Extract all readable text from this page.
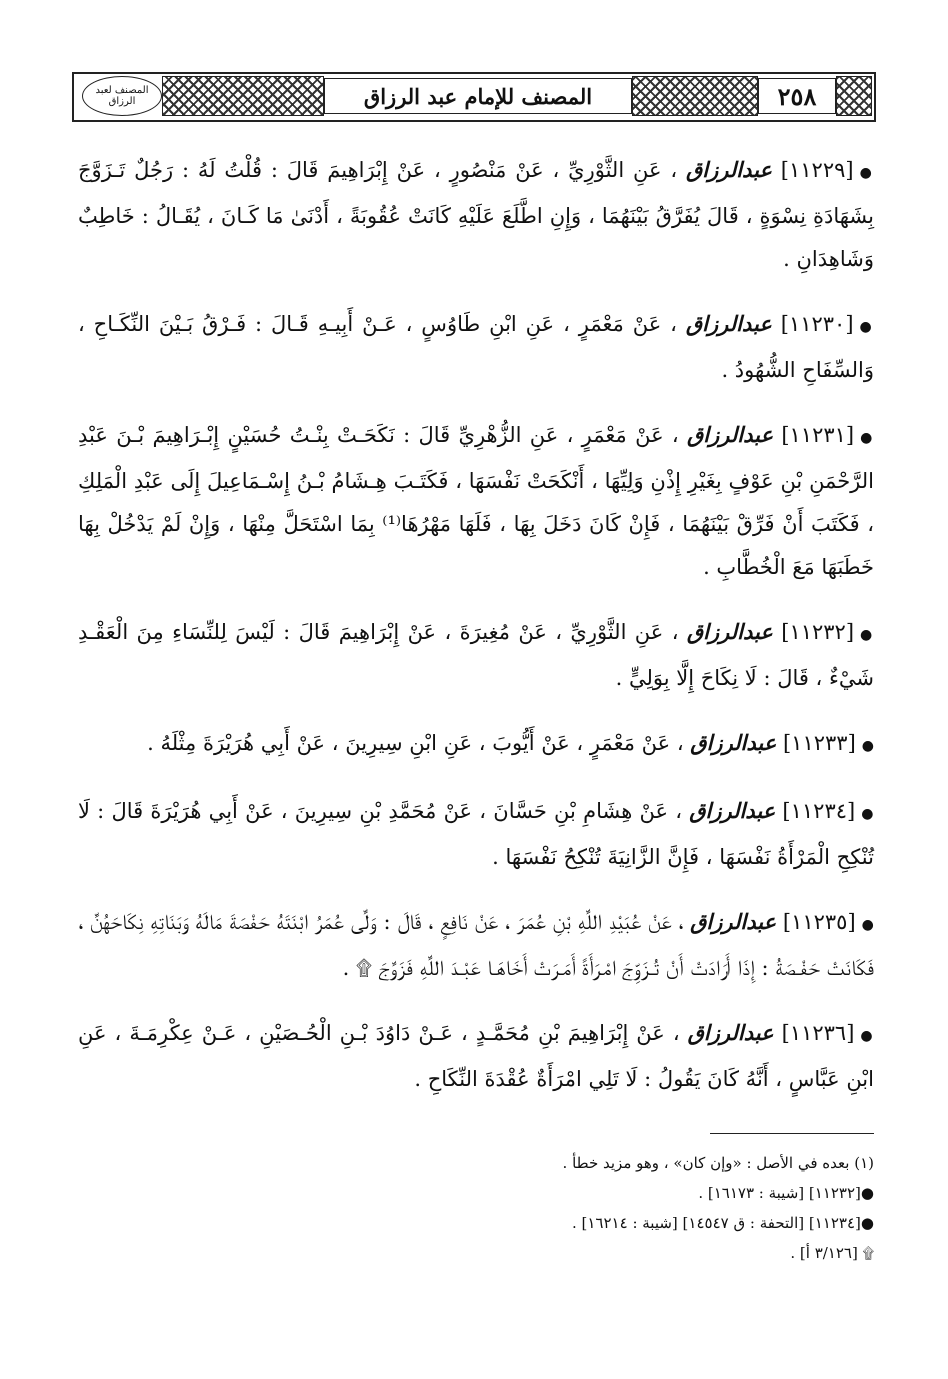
المصنف لعبد الرزاق	المصنف للإمام عبد الرزاق	٢٥٨

●[١١٢٢٩] عبدالرزاق ، عَنِ الثَّوْرِيِّ ، عَنْ مَنْصُورٍ ، عَنْ إِبْرَاهِيمَ قَالَ : قُلْتُ لَهُ : رَجُلٌ تَـزَوَّجَ بِشَهَادَةِ نِسْوَةٍ ، قَالَ يُفَرَّقُ بَيْنَهُمَا ، وَإِنِ اطَّلَعَ عَلَيْهِ كَانَتْ عُقُوبَةً ، أَدْنَىٰ مَا كَـانَ ، يُقَـالُ : خَاطِبٌ وَشَاهِدَانِ .

●[١١٢٣٠] عبدالرزاق ، عَنْ مَعْمَرٍ ، عَنِ ابْنِ طَاوُسٍ ، عَـنْ أَبِيـهِ قَـالَ : فَـرْقُ بَـيْنَ النِّكَـاحِ ، وَالسِّفَاحِ الشُّهُودُ .

●[١١٢٣١] عبدالرزاق ، عَنْ مَعْمَرٍ ، عَنِ الزُّهْرِيِّ قَالَ : نَكَحَـتْ بِنْـتُ حُسَيْنٍ إِبْـرَاهِيمَ بْـنَ عَبْدِ الرَّحْمَنِ بْنِ عَوْفٍ بِغَيْرِ إِذْنِ وَلِيِّهَا ، أَنْكَحَتْ نَفْسَهَا ، فَكَتَـبَ هِـشَامُ بْـنُ إِسْـمَاعِيلَ إِلَى عَبْدِ الْمَلِكِ ، فَكَتَبَ أَنْ فَرِّقْ بَيْنَهُمَا ، فَإِنْ كَانَ دَخَلَ بِهَا ، فَلَهَا مَهْرُهَا⁽¹⁾ بِمَا اسْتَحَلَّ مِنْهَا ، وَإِنْ لَمْ يَدْخُلْ بِهَا خَطَبَهَا مَعَ الْخُطَّابِ .

●[١١٢٣٢] عبدالرزاق ، عَنِ الثَّوْرِيِّ ، عَنْ مُغِيرَةَ ، عَنْ إِبْرَاهِيمَ قَالَ : لَيْسَ لِلنِّسَاءِ مِنَ الْعَقْـدِ شَيْءٌ ، قَالَ : لَا نِكَاحَ إِلَّا بِوَلِيٍّ .

●[١١٢٣٣] عبدالرزاق ، عَنْ مَعْمَرٍ ، عَنْ أَيُّوبَ ، عَنِ ابْنِ سِيرِينَ ، عَنْ أَبِي هُرَيْرَةَ مِثْلَهُ .

●[١١٢٣٤] عبدالرزاق ، عَنْ هِشَامِ بْنِ حَسَّانَ ، عَنْ مُحَمَّدِ بْنِ سِيرِينَ ، عَنْ أَبِي هُرَيْرَةَ قَالَ : لَا تُنْكِحِ الْمَرْأَةُ نَفْسَهَا ، فَإِنَّ الزَّانِيَةَ تُنْكِحُ نَفْسَهَا .

●[١١٢٣٥] عبدالرزاق ، عَنْ عُبَيْدِ اللَّهِ بْنِ عُمَرَ ، عَنْ نَافِعٍ ، قَالَ : وَلَّى عُمَرُ ابْنَتَهُ حَفْصَةَ مَالَهُ وَبَنَاتِهِ نِكَاحَهُنَّ ، فَكَانَتْ حَفْـصَةُ : إِذَا أَرَادَتْ أَنْ تُـزَوِّجَ امْـرَأَةً أَمَـرَتْ أَخَاهَـا عَبْـدَ اللَّهِ فَزَوَّجَ ۩ .

●[١١٢٣٦] عبدالرزاق ، عَنْ إِبْرَاهِيمَ بْنِ مُحَمَّـدٍ ، عَـنْ دَاوُدَ بْـنِ الْحُـصَيْنِ ، عَـنْ عِكْرِمَـةَ ، عَنِ ابْنِ عَبَّاسٍ ، أَنَّهُ كَانَ يَقُولُ : لَا تَلِي امْرَأَةٌ عُقْدَةَ النِّكَاحِ .

(١) بعده في الأصل : «وإن كان» ، وهو مزيد خطأ .

●[١١٢٣٢] [شيبة : ١٦١٧٣] .

●[١١٢٣٤] [التحفة : ق ١٤٥٤٧] [شيبة : ١٦٢١٤] .

۩ [٣/١٢٦ أ] .
